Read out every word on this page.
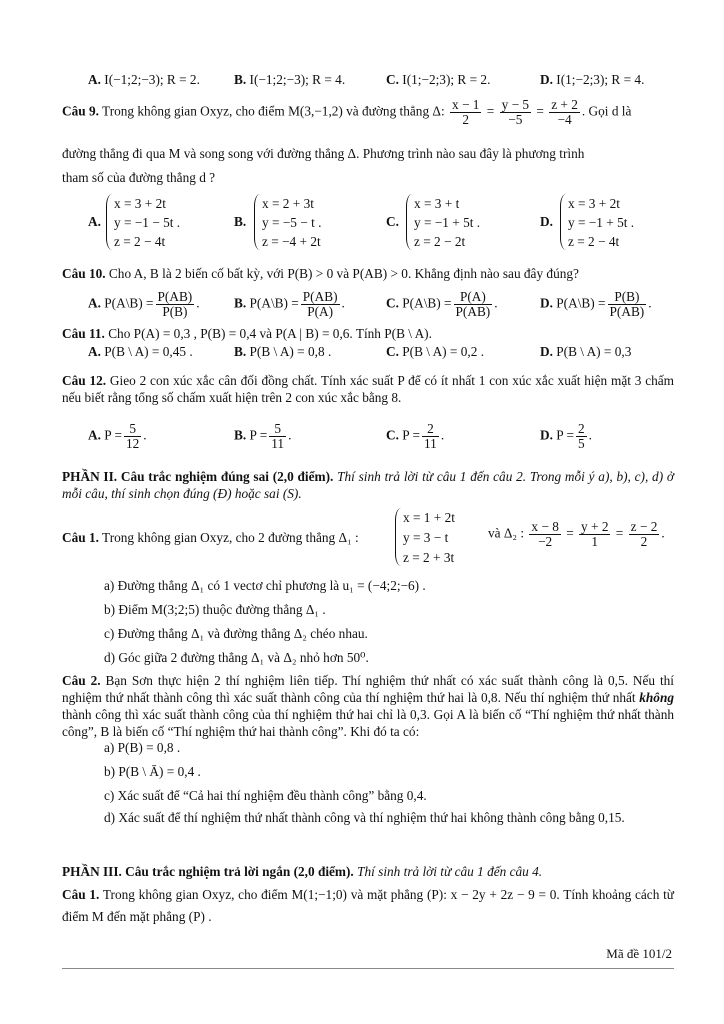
A. I(−1;2;−3); R = 2.	B. I(−1;2;−3); R = 4.	C. I(1;−2;3); R = 2.	D. I(1;−2;3); R = 4.
Câu 9. Trong không gian Oxyz, cho điểm M(3,−1,2) và đường thẳng Δ: $\frac{x - 1}{2} = \frac{y - 5}{-5} = \frac{z + 2}{-4}$ . Gọi d là
đường thẳng đi qua M và song song với đường thẳng Δ. Phương trình nào sau đây là phương trình
tham số của đường thẳng d ?
A.
x = 3 + 2t
y = −1 − 5t .
z = 2 − 4t
B.
x = 2 + 3t
y = −5 − t .
z = −4 + 2t
C.
x = 3 + t
y = −1 + 5t .
z = 2 − 2t
D.
x = 3 + 2t
y = −1 + 5t .
z = 2 − 4t
Câu 10. Cho A, B là 2 biến cố bất kỳ, với P(B) > 0 và P(AB) > 0. Khẳng định nào sau đây đúng?
A. P(A\B) = $\frac{P(AB)}{P(B)}$ .	B. P(A\B) = $\frac{P(AB)}{P(A)}$ .	C. P(A\B) = $\frac{P(A)}{P(AB)}$ .	D. P(A\B) = $\frac{P(B)}{P(AB)}$ .
Câu 11. Cho P(A) = 0,3 , P(B) = 0,4 và P(A | B) = 0,6. Tính P(B \ A).
A. P(B \ A) = 0,45 .	B. P(B \ A) = 0,8 .	C. P(B \ A) = 0,2 .	D. P(B \ A) = 0,3
Câu 12. Gieo 2 con xúc xắc cân đối đồng chất. Tính xác suất P để có ít nhất 1 con xúc xắc xuất hiện mặt 3 chấm nếu biết rằng tổng số chấm xuất hiện trên 2 con xúc xắc bằng 8.
A. $P = \frac{5}{12}$ .	B. $P = \frac{5}{11}$ .	C. $P = \frac{2}{11}$ .	D. $P = \frac{2}{5}$ .
PHẦN II. Câu trắc nghiệm đúng sai (2,0 điểm). Thí sinh trả lời từ câu 1 đến câu 2. Trong mỗi ý a), b), c), d) ở mỗi câu, thí sinh chọn đúng (Đ) hoặc sai (S).
Câu 1. Trong không gian Oxyz, cho 2 đường thẳng Δ₁ :
x = 1 + 2t
y = 3 − t
z = 2 + 3t
và Δ₂ : $\frac{x - 8}{-2} = \frac{y + 2}{1} = \frac{z - 2}{2}$ .
a) Đường thẳng Δ₁ có 1 vectơ chỉ phương là u₁ = (−4;2;−6) .
b) Điểm M(3;2;5) thuộc đường thẳng Δ₁ .
c) Đường thẳng Δ₁ và đường thẳng Δ₂ chéo nhau.
d) Góc giữa 2 đường thẳng Δ₁ và Δ₂ nhỏ hơn 50⁰.
Câu 2. Bạn Sơn thực hiện 2 thí nghiệm liên tiếp. Thí nghiệm thứ nhất có xác suất thành công là 0,5. Nếu thí nghiệm thứ nhất thành công thì xác suất thành công của thí nghiệm thứ hai là 0,8. Nếu thí nghiệm thứ nhất không thành công thì xác suất thành công của thí nghiệm thứ hai chỉ là 0,3. Gọi A là biến cố “Thí nghiệm thứ nhất thành công”, B là biến cố “Thí nghiệm thứ hai thành công”. Khi đó ta có:
a) P(B) = 0,8 .
b) P(B \ Ā) = 0,4 .
c) Xác suất để “Cả hai thí nghiệm đều thành công” bằng 0,4.
d) Xác suất để thí nghiệm thứ nhất thành công và thí nghiệm thứ hai không thành công bằng 0,15.
PHẦN III. Câu trắc nghiệm trả lời ngắn (2,0 điểm). Thí sinh trả lời từ câu 1 đến câu 4.
Câu 1. Trong không gian Oxyz, cho điểm M(1;−1;0) và mặt phẳng (P): x − 2y + 2z − 9 = 0. Tính khoảng cách từ điểm M đến mặt phẳng (P) .
Mã đề 101/2
